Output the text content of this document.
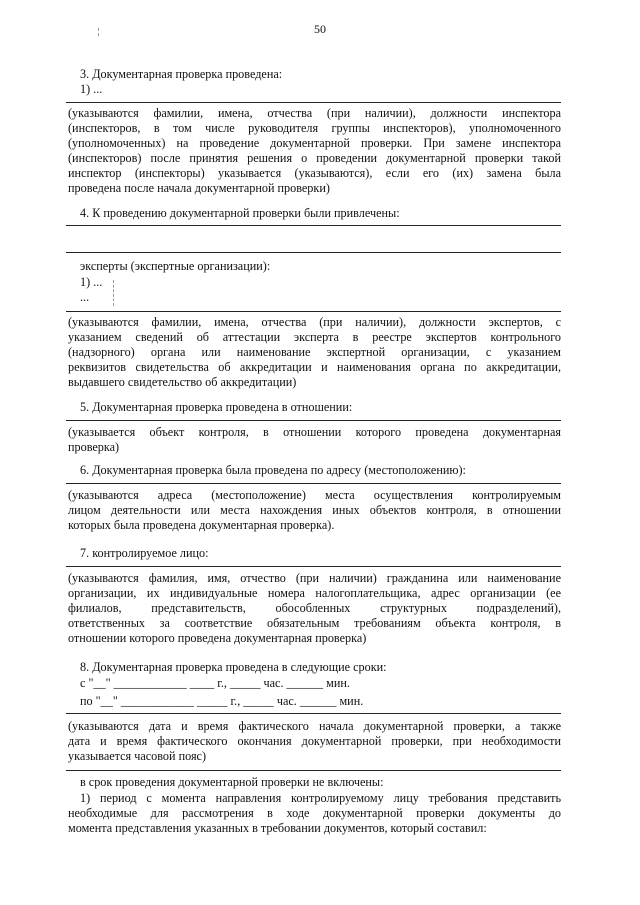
50
3. Документарная проверка проведена:
1) ...
(указываются фамилии, имена, отчества (при наличии), должности инспектора
(инспекторов, в том числе руководителя группы инспекторов), уполномоченного
(уполномоченных) на проведение документарной проверки. При замене инспектора
(инспекторов) после принятия решения о проведении документарной проверки такой
инспектор (инспекторы) указывается (указываются), если его (их) замена была
проведена после начала документарной проверки)
4. К проведению документарной проверки были привлечены:
эксперты (экспертные организации):
1) ...
...
(указываются фамилии, имена, отчества (при наличии), должности экспертов, с
указанием сведений об аттестации эксперта в реестре экспертов контрольного
(надзорного) органа или наименование экспертной организации, с указанием
реквизитов свидетельства об аккредитации и наименования органа по аккредитации,
выдавшего свидетельство об аккредитации)
5. Документарная проверка проведена в отношении:
(указывается объект контроля, в отношении которого проведена документарная
проверка)
6. Документарная проверка была проведена по адресу (местоположению):
(указываются адреса (местоположение) места осуществления контролируемым
лицом деятельности или места нахождения иных объектов контроля, в отношении
которых была проведена документарная проверка).
7. контролируемое лицо:
(указываются фамилия, имя, отчество (при наличии) гражданина или наименование
организации, их индивидуальные номера налогоплательщика, адрес организации (ее
филиалов, представительств, обособленных структурных подразделений),
ответственных за соответствие обязательным требованиям объекта контроля, в
отношении которого проведена документарная проверка)
8. Документарная проверка проведена в следующие сроки:
с "__" ____________ ____ г., _____ час. ______ мин.
по "__" ____________ _____ г., _____ час. ______ мин.
(указываются дата и время фактического начала документарной проверки, а также
дата и время фактического окончания документарной проверки, при необходимости
указывается часовой пояс)
в срок проведения документарной проверки не включены:
1) период с момента направления контролируемому лицу требования представить
необходимые для рассмотрения в ходе документарной проверки документы до
момента представления указанных в требовании документов, который составил:
